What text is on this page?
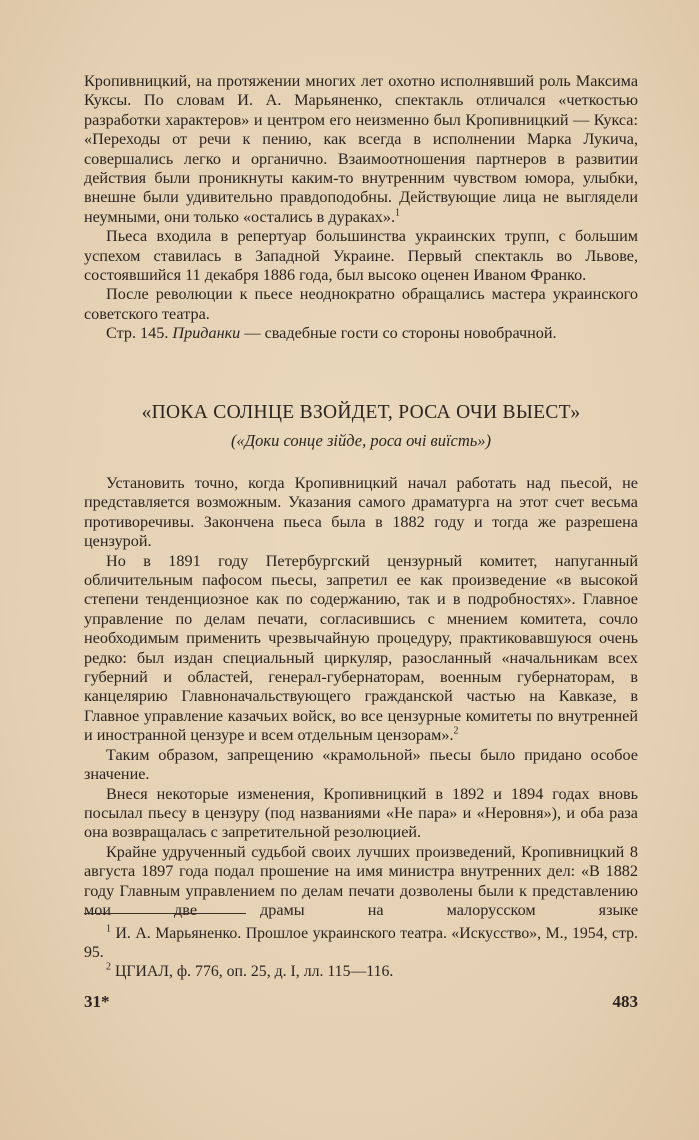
Кропивницкий, на протяжении многих лет охотно исполнявший роль Максима Куксы. По словам И. А. Марьяненко, спектакль отличался «четкостью разработки характеров» и центром его неизменно был Кропивницкий — Кукса: «Переходы от речи к пению, как всегда в исполнении Марка Лукича, совершались легко и органично. Взаимоотношения партнеров в развитии действия были проникнуты каким-то внутренним чувством юмора, улыбки, внешне были удивительно правдоподобны. Действующие лица не выглядели неумными, они только «остались в дураках».$^1$

Пьеса входила в репертуар большинства украинских трупп, с большим успехом ставилась в Западной Украине. Первый спектакль во Львове, состоявшийся 11 декабря 1886 года, был высоко оценен Иваном Франко.

После революции к пьесе неоднократно обращались мастера украинского советского театра.

Стр. 145. Приданки — свадебные гости со стороны новобрачной.

«ПОКА СОЛНЦЕ ВЗОЙДЕТ, РОСА ОЧИ ВЫЕСТ»
(«Доки сонце зійде, роса очі виїсть»)

Установить точно, когда Кропивницкий начал работать над пьесой, не представляется возможным. Указания самого драматурга на этот счет весьма противоречивы. Закончена пьеса была в 1882 году и тогда же разрешена цензурой.

Но в 1891 году Петербургский цензурный комитет, напуганный обличительным пафосом пьесы, запретил ее как произведение «в высокой степени тенденциозное как по содержанию, так и в подробностях». Главное управление по делам печати, согласившись с мнением комитета, сочло необходимым применить чрезвычайную процедуру, практиковавшуюся очень редко: был издан специальный циркуляр, разосланный «начальникам всех губерний и областей, генерал-губернаторам, военным губернаторам, в канцелярию Главноначальствующего гражданской частью на Кавказе, в Главное управление казачьих войск, во все цензурные комитеты по внутренней и иностранной цензуре и всем отдельным цензорам».$^2$

Таким образом, запрещению «крамольной» пьесы было придано особое значение.

Внеся некоторые изменения, Кропивницкий в 1892 и 1894 годах вновь посылал пьесу в цензуру (под названиями «Не пара» и «Неровня»), и оба раза она возвращалась с запретительной резолюцией.

Крайне удрученный судьбой своих лучших произведений, Кропивницкий 8 августа 1897 года подал прошение на имя министра внутренних дел: «В 1882 году Главным управлением по делам печати дозволены были к представлению мои две драмы на малорусском языке

$^1$ И. А. Марьяненко. Прошлое украинского театра. «Искусство», М., 1954, стр. 95.

$^2$ ЦГИАЛ, ф. 776, оп. 25, д. I, лл. 115—116.

31*	483
